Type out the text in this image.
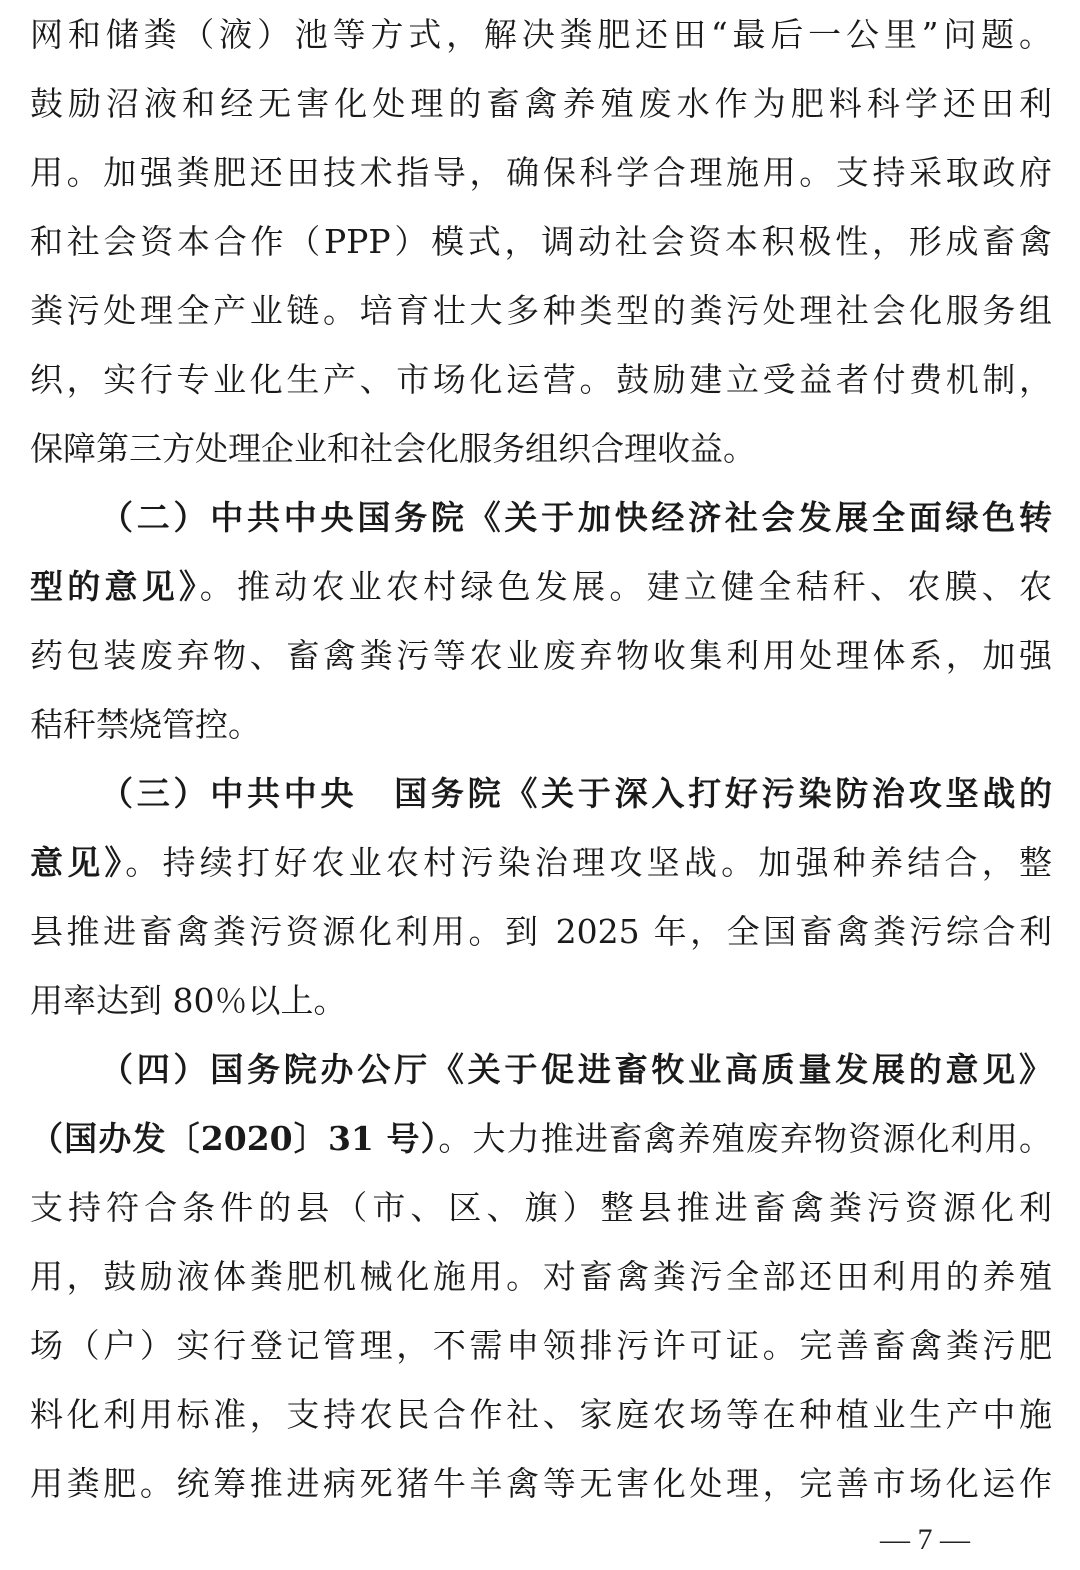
网和储粪（液）池等方式，解决粪肥还田“最后一公里”问题。
鼓励沼液和经无害化处理的畜禽养殖废水作为肥料科学还田利
用。加强粪肥还田技术指导，确保科学合理施用。支持采取政府
和社会资本合作（PPP）模式，调动社会资本积极性，形成畜禽
粪污处理全产业链。培育壮大多种类型的粪污处理社会化服务组
织，实行专业化生产、市场化运营。鼓励建立受益者付费机制，
保障第三方处理企业和社会化服务组织合理收益。
（二）中共中央国务院《关于加快经济社会发展全面绿色转
型的意见》。推动农业农村绿色发展。建立健全秸秆、农膜、农
药包装废弃物、畜禽粪污等农业废弃物收集利用处理体系，加强
秸秆禁烧管控。
（三）中共中央　国务院《关于深入打好污染防治攻坚战的
意见》。持续打好农业农村污染治理攻坚战。加强种养结合，整
县推进畜禽粪污资源化利用。到 2025 年，全国畜禽粪污综合利
用率达到 80％以上。
（四）国务院办公厅《关于促进畜牧业高质量发展的意见》
（国办发〔2020〕31 号）。大力推进畜禽养殖废弃物资源化利用。
支持符合条件的县（市、区、旗）整县推进畜禽粪污资源化利
用，鼓励液体粪肥机械化施用。对畜禽粪污全部还田利用的养殖
场（户）实行登记管理，不需申领排污许可证。完善畜禽粪污肥
料化利用标准，支持农民合作社、家庭农场等在种植业生产中施
用粪肥。统筹推进病死猪牛羊禽等无害化处理，完善市场化运作
— 7 —
